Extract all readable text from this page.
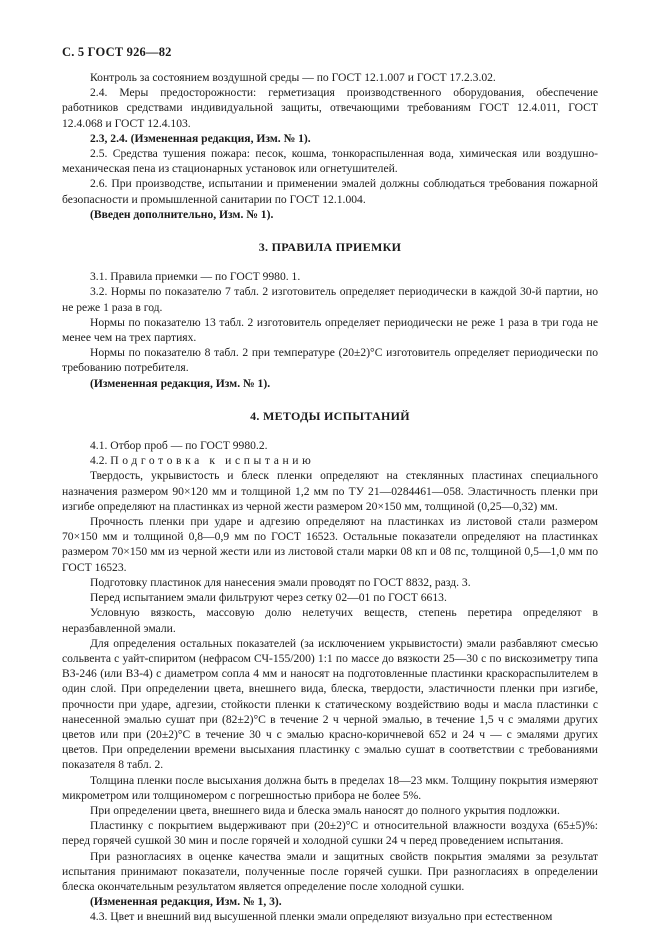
С. 5 ГОСТ 926—82

Контроль за состоянием воздушной среды — по ГОСТ 12.1.007 и ГОСТ 17.2.3.02.

2.4. Меры предосторожности: герметизация производственного оборудования, обеспечение работников средствами индивидуальной защиты, отвечающими требованиям ГОСТ 12.4.011, ГОСТ 12.4.068 и ГОСТ 12.4.103.

2.3, 2.4. (Измененная редакция, Изм. № 1).

2.5. Средства тушения пожара: песок, кошма, тонкораспыленная вода, химическая или воздушно-механическая пена из стационарных установок или огнетушителей.

2.6. При производстве, испытании и применении эмалей должны соблюдаться требования пожарной безопасности и промышленной санитарии по ГОСТ 12.1.004.

(Введен дополнительно, Изм. № 1).

3. ПРАВИЛА ПРИЕМКИ

3.1. Правила приемки — по ГОСТ 9980. 1.

3.2. Нормы по показателю 7 табл. 2 изготовитель определяет периодически в каждой 30-й партии, но не реже 1 раза в год.

Нормы по показателю 13 табл. 2 изготовитель определяет периодически не реже 1 раза в три года не менее чем на трех партиях.

Нормы по показателю 8 табл. 2 при температуре (20±2)°С изготовитель определяет периодически по требованию потребителя.

(Измененная редакция, Изм. № 1).

4. МЕТОДЫ ИСПЫТАНИЙ

4.1. Отбор проб — по ГОСТ 9980.2.

4.2. Подготовка к испытанию

Твердость, укрывистость и блеск пленки определяют на стеклянных пластинах специального назначения размером 90×120 мм и толщиной 1,2 мм по ТУ 21—0284461—058. Эластичность пленки при изгибе определяют на пластинках из черной жести размером 20×150 мм, толщиной (0,25—0,32) мм.

Прочность пленки при ударе и адгезию определяют на пластинках из листовой стали размером 70×150 мм и толщиной 0,8—0,9 мм по ГОСТ 16523. Остальные показатели определяют на пластинках размером 70×150 мм из черной жести или из листовой стали марки 08 кп и 08 пс, толщиной 0,5—1,0 мм по ГОСТ 16523.

Подготовку пластинок для нанесения эмали проводят по ГОСТ 8832, разд. 3.

Перед испытанием эмали фильтруют через сетку 02—01 по ГОСТ 6613.

Условную вязкость, массовую долю нелетучих веществ, степень перетира определяют в неразбавленной эмали.

Для определения остальных показателей (за исключением укрывистости) эмали разбавляют смесью сольвента с уайт-спиритом (нефрасом СЧ-155/200) 1:1 по массе до вязкости 25—30 с по вискозиметру типа ВЗ-246 (или ВЗ-4) с диаметром сопла 4 мм и наносят на подготовленные пластинки краскораспылителем в один слой. При определении цвета, внешнего вида, блеска, твердости, эластичности пленки при изгибе, прочности при ударе, адгезии, стойкости пленки к статическому воздействию воды и масла пластинки с нанесенной эмалью сушат при (82±2)°С в течение 2 ч черной эмалью, в течение 1,5 ч с эмалями других цветов или при (20±2)°С в течение 30 ч с эмалью красно-коричневой 652 и 24 ч — с эмалями других цветов. При определении времени высыхания пластинку с эмалью сушат в соответствии с требованиями показателя 8 табл. 2.

Толщина пленки после высыхания должна быть в пределах 18—23 мкм. Толщину покрытия измеряют микрометром или толщиномером с погрешностью прибора не более 5%.

При определении цвета, внешнего вида и блеска эмаль наносят до полного укрытия подложки.

Пластинку с покрытием выдерживают при (20±2)°С и относительной влажности воздуха (65±5)%: перед горячей сушкой 30 мин и после горячей и холодной сушки 24 ч перед проведением испытания.

При разногласиях в оценке качества эмали и защитных свойств покрытия эмалями за результат испытания принимают показатели, полученные после горячей сушки. При разногласиях в определении блеска окончательным результатом является определение после холодной сушки.

(Измененная редакция, Изм. № 1, 3).

4.3. Цвет и внешний вид высушенной пленки эмали определяют визуально при естественном
